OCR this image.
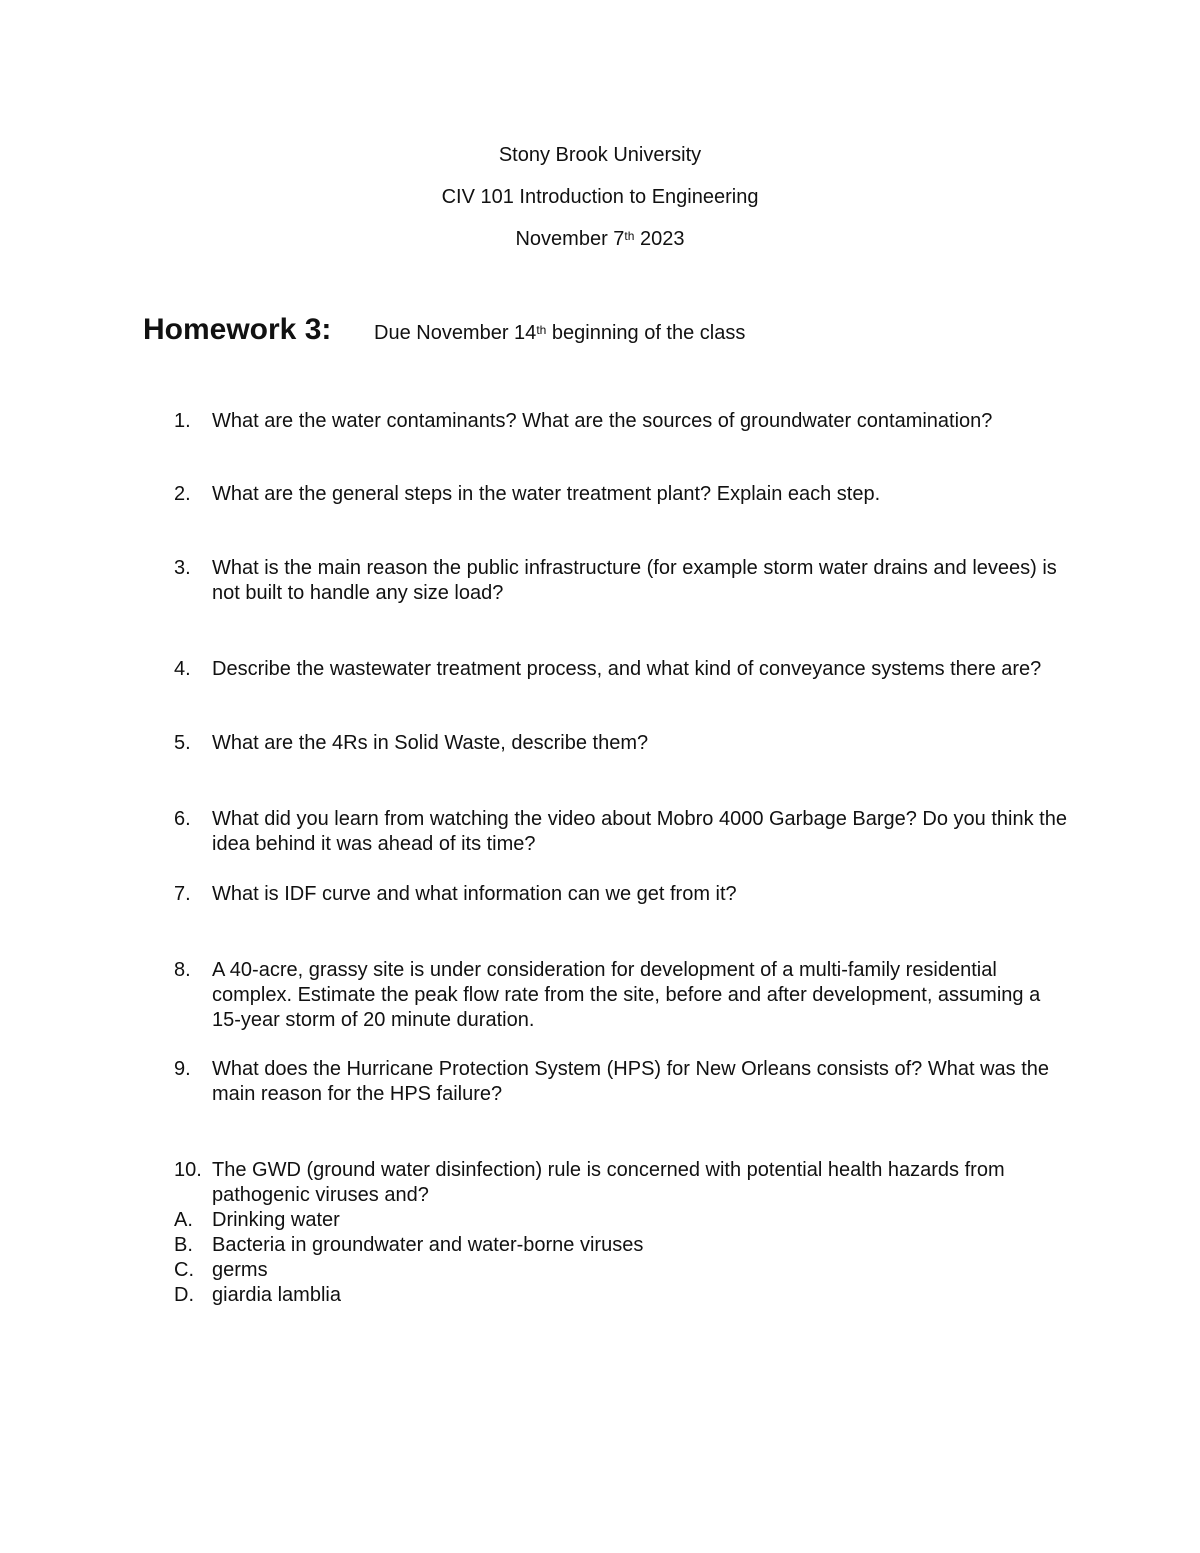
Stony Brook University
CIV 101 Introduction to Engineering
November 7th 2023
Homework 3: Due November 14th beginning of the class
1.	What are the water contaminants? What are the sources of groundwater contamination?
2.	What are the general steps in the water treatment plant? Explain each step.
3.	What is the main reason the public infrastructure (for example storm water drains and levees) is not built to handle any size load?
4.	Describe the wastewater treatment process, and what kind of conveyance systems there are?
5.	What are the 4Rs in Solid Waste, describe them?
6.	What did you learn from watching the video about Mobro 4000 Garbage Barge? Do you think the idea behind it was ahead of its time?
7.	What is IDF curve and what information can we get from it?
8.	A 40-acre, grassy site is under consideration for development of a multi-family residential complex. Estimate the peak flow rate from the site, before and after development, assuming a 15-year storm of 20 minute duration.
9.	What does the Hurricane Protection System (HPS) for New Orleans consists of? What was the main reason for the HPS failure?
10. The GWD (ground water disinfection) rule is concerned with potential health hazards from pathogenic viruses and?
A. Drinking water
B. Bacteria in groundwater and water-borne viruses
C. germs
D. giardia lamblia
